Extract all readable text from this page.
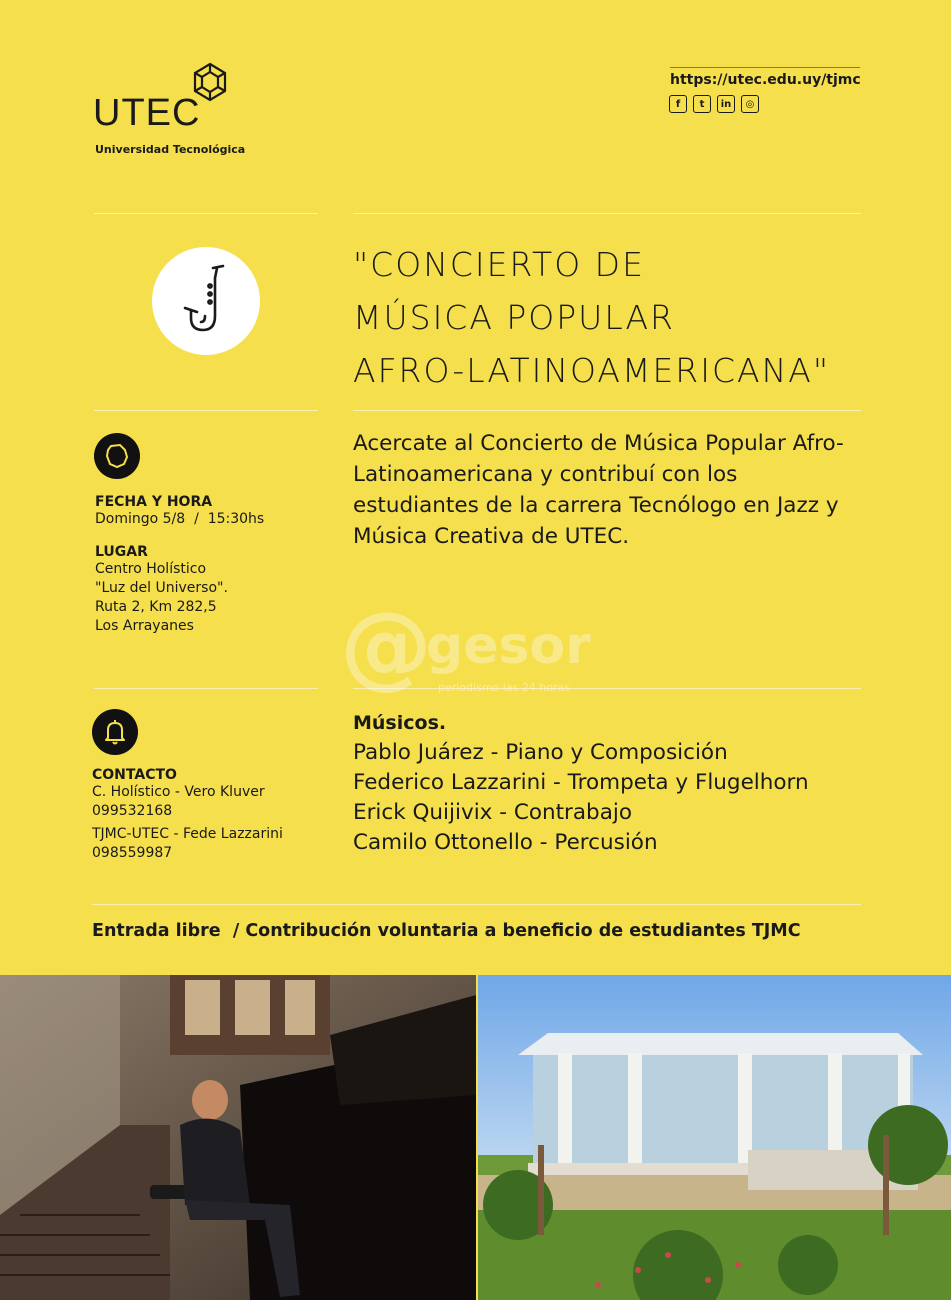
UTEC
Universidad Tecnológica
https://utec.edu.uy/tjmc
f	t	in	◎
"CONCIERTO DE
MÚSICA POPULAR
AFRO-LATINOAMERICANA"
FECHA Y HORA
Domingo 5/8  /  15:30hs
LUGAR
Centro Holístico
"Luz del Universo".
Ruta 2, Km 282,5
Los Arrayanes
Acercate al Concierto de Música Popular Afro-Latinoamericana y contribuí con los estudiantes de la carrera Tecnólogo en Jazz y Música Creativa de UTEC.
@
gesor
periodismo las 24 horas
CONTACTO
C. Holístico - Vero Kluver
099532168
TJMC-UTEC - Fede Lazzarini
098559987
Músicos.
Pablo Juárez - Piano y Composición
Federico Lazzarini - Trompeta y Flugelhorn
Erick Quijivix - Contrabajo
Camilo Ottonello - Percusión
Entrada libre  / Contribución voluntaria a beneficio de estudiantes TJMC
